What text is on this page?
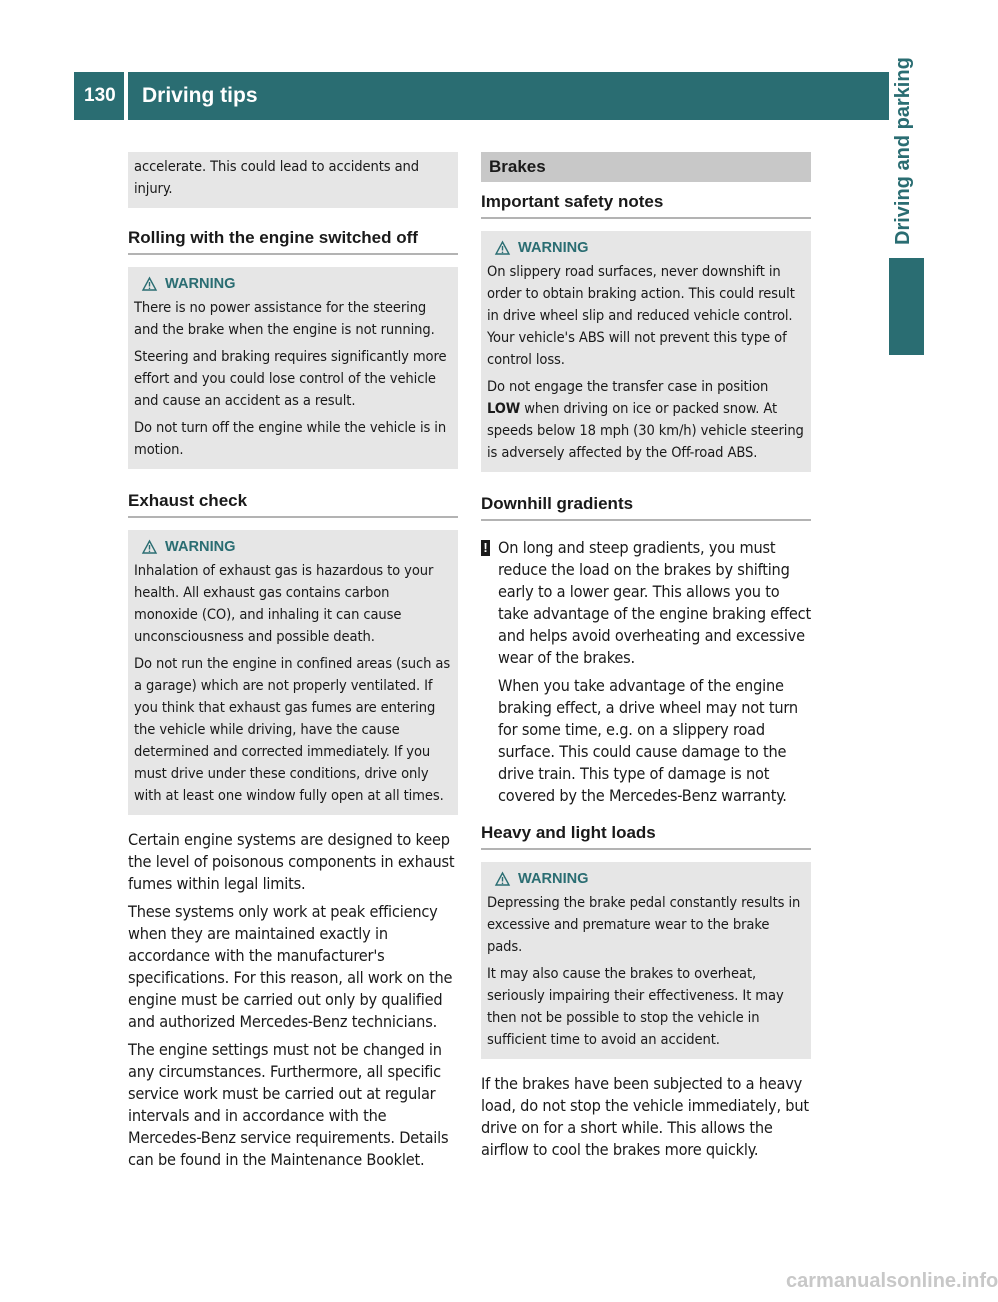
130	Driving tips	Driving and parking

accelerate. This could lead to accidents and injury.

Rolling with the engine switched off
WARNING

There is no power assistance for the steering and the brake when the engine is not running.

Steering and braking requires significantly more effort and you could lose control of the vehicle and cause an accident as a result.

Do not turn off the engine while the vehicle is in motion.

Exhaust check
WARNING

Inhalation of exhaust gas is hazardous to your health. All exhaust gas contains carbon monoxide (CO), and inhaling it can cause unconsciousness and possible death.

Do not run the engine in confined areas (such as a garage) which are not properly ventilated. If you think that exhaust gas fumes are entering the vehicle while driving, have the cause determined and corrected immediately. If you must drive under these conditions, drive only with at least one window fully open at all times.

Certain engine systems are designed to keep the level of poisonous components in exhaust fumes within legal limits.

These systems only work at peak efficiency when they are maintained exactly in accordance with the manufacturer's specifications. For this reason, all work on the engine must be carried out only by qualified and authorized Mercedes-Benz technicians.

The engine settings must not be changed in any circumstances. Furthermore, all specific service work must be carried out at regular intervals and in accordance with the Mercedes-Benz service requirements. Details can be found in the Maintenance Booklet.

Brakes
Important safety notes
WARNING

On slippery road surfaces, never downshift in order to obtain braking action. This could result in drive wheel slip and reduced vehicle control. Your vehicle's ABS will not prevent this type of control loss.

Do not engage the transfer case in position LOW when driving on ice or packed snow. At speeds below 18 mph (30 km/h) vehicle steering is adversely affected by the Off-road ABS.

Downhill gradients
! On long and steep gradients, you must reduce the load on the brakes by shifting early to a lower gear. This allows you to take advantage of the engine braking effect and helps avoid overheating and excessive wear of the brakes.

When you take advantage of the engine braking effect, a drive wheel may not turn for some time, e.g. on a slippery road surface. This could cause damage to the drive train. This type of damage is not covered by the Mercedes-Benz warranty.

Heavy and light loads
WARNING

Depressing the brake pedal constantly results in excessive and premature wear to the brake pads.

It may also cause the brakes to overheat, seriously impairing their effectiveness. It may then not be possible to stop the vehicle in sufficient time to avoid an accident.

If the brakes have been subjected to a heavy load, do not stop the vehicle immediately, but drive on for a short while. This allows the airflow to cool the brakes more quickly.

carmanualsonline.info
